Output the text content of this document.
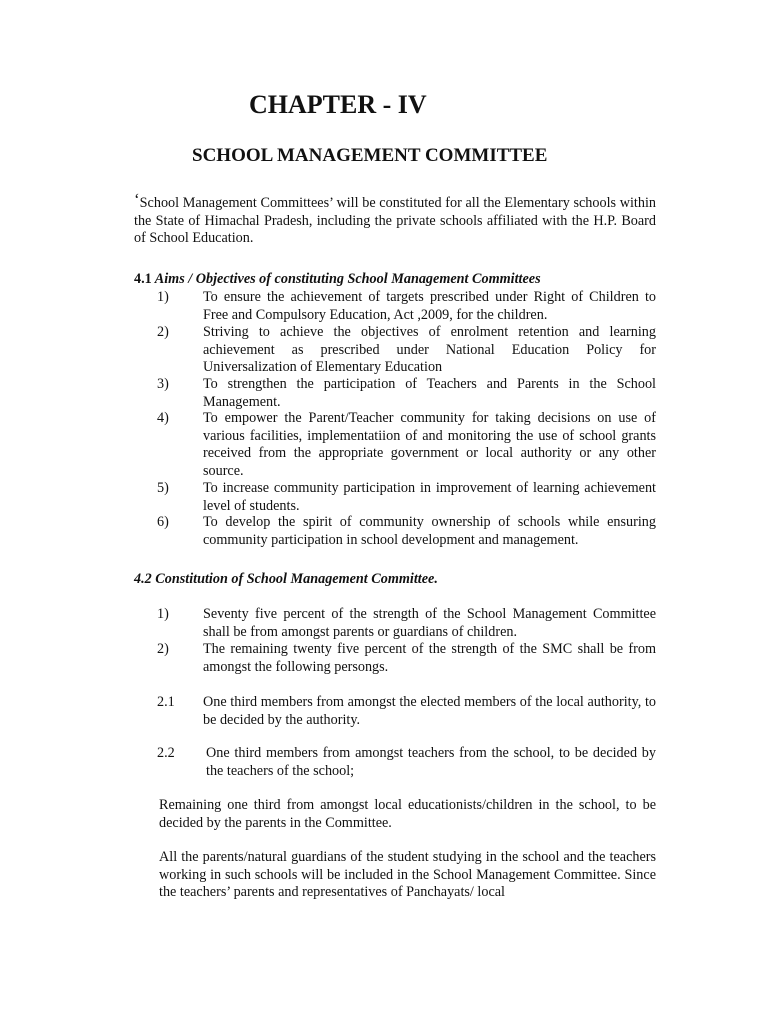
CHAPTER - IV
SCHOOL MANAGEMENT COMMITTEE

‘School Management Committees’ will be constituted for all the Elementary schools within the State of Himachal Pradesh, including the private schools affiliated with the H.P. Board of School Education.

4.1 Aims / Objectives of constituting School Management Committees

1) To ensure the achievement of targets prescribed under Right of Children to Free and Compulsory Education, Act ,2009, for the children.
2) Striving to achieve the objectives of enrolment retention and learning achievement as prescribed under National Education Policy for Universalization of Elementary Education
3) To strengthen the participation of Teachers and Parents in the School Management.
4) To empower the Parent/Teacher community for taking decisions on use of various facilities, implementatiion of and monitoring the use of school grants received from the appropriate government or local authority or any other source.
5) To increase community participation in improvement of learning achievement level of students.
6) To develop the spirit of community ownership of schools while ensuring community participation in school development and management.

4.2 Constitution of School Management Committee.

1) Seventy five percent of the strength of the School Management Committee shall be from amongst parents or guardians of children.
2) The remaining twenty five percent of the strength of the SMC shall be from amongst the following persongs.
2.1 One third members from amongst the elected members of the local authority, to be decided by the authority.
2.2 One third members from amongst teachers from the school, to be decided by the teachers of the school;

Remaining one third from amongst local educationists/children in the school, to be decided by the parents in the Committee.

All the parents/natural guardians of the student studying in the school and the teachers working in such schools will be included in the School Management Committee. Since the teachers’ parents and representatives of Panchayats/ local
